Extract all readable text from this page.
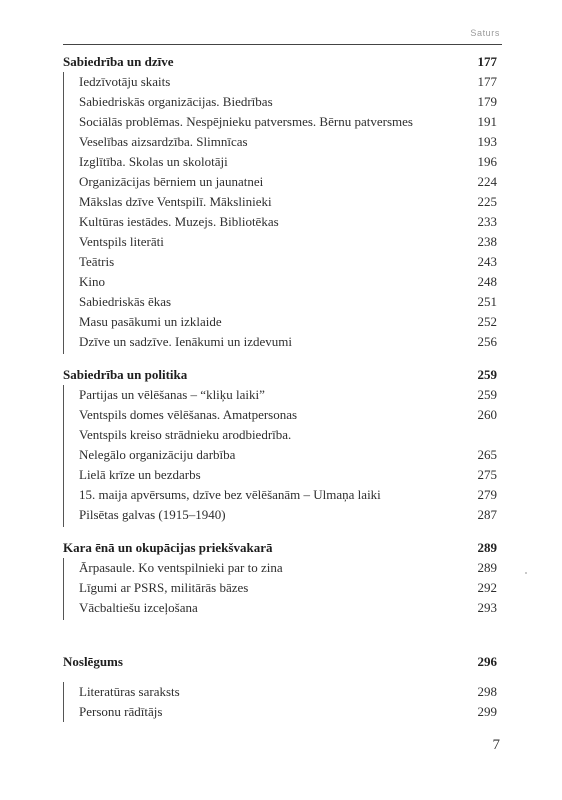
Saturs
Sabiedrība un dzīve	177
Iedzīvotāju skaits	177
Sabiedriskās organizācijas. Biedrības	179
Sociālās problēmas. Nespējnieku patversmes. Bērnu patversmes	191
Veselības aizsardzība. Slimnīcas	193
Izglītība. Skolas un skolotāji	196
Organizācijas bērniem un jaunatnei	224
Mākslas dzīve Ventspilī. Mākslinieki	225
Kultūras iestādes. Muzejs. Bibliotēkas	233
Ventspils literāti	238
Teātris	243
Kino	248
Sabiedriskās ēkas	251
Masu pasākumi un izklaide	252
Dzīve un sadzīve. Ienākumi un izdevumi	256
Sabiedrība un politika	259
Partijas un vēlēšanas – “kliķu laiki”	259
Ventspils domes vēlēšanas. Amatpersonas	260
Ventspils kreiso strādnieku arodbiedrība.
Nelegālo organizāciju darbība	265
Lielā krīze un bezdarbs	275
15. maija apvērsums, dzīve bez vēlēšanām – Ulmaņa laiki	279
Pilsētas galvas (1915–1940)	287
Kara ēnā un okupācijas priekšvakarā	289
Ārpasaule. Ko ventspilnieki par to zina	289
Līgumi ar PSRS, militārās bāzes	292
Vācbaltiešu izceļošana	293
Noslēgums	296
Literatūras saraksts	298
Personu rādītājs	299
7
